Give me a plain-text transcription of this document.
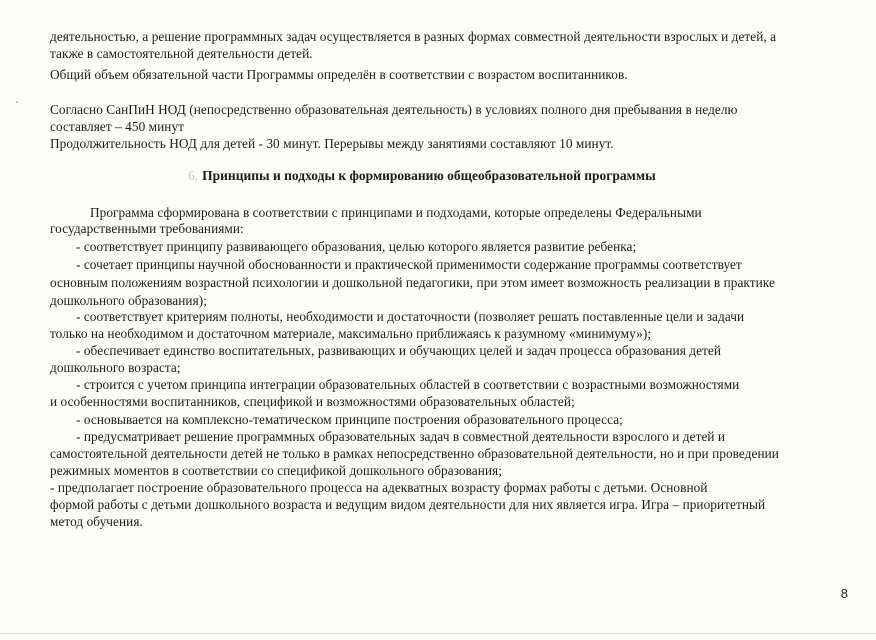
деятельностью, а решение программных задач осуществляется в разных формах совместной деятельности взрослых и детей, а
также в самостоятельной деятельности детей.
Общий объем обязательной части Программы определён в соответствии с возрастом воспитанников.
Согласно СанПиН НОД (непосредственно образовательная деятельность) в условиях полного дня пребывания в неделю
составляет – 450 минут
Продолжительность НОД для детей - 30 минут. Перерывы между занятиями составляют 10 минут.
6. Принципы и подходы к формированию общеобразовательной программы
Программа сформирована в соответствии с принципами и подходами, которые определены Федеральными
государственными требованиями:
- соответствует принципу развивающего образования, целью которого является развитие ребенка;
- сочетает принципы научной обоснованности и практической применимости содержание программы соответствует
основным положениям возрастной психологии и дошкольной педагогики, при этом имеет возможность реализации в практике
дошкольного образования);
- соответствует критериям полноты, необходимости и достаточности (позволяет решать поставленные цели и задачи
только на необходимом и достаточном материале, максимально приближаясь к разумному «минимуму»);
- обеспечивает единство воспитательных, развивающих и обучающих целей и задач процесса образования детей
дошкольного возраста;
- строится с учетом принципа интеграции образовательных областей в соответствии с возрастными возможностями
и особенностями воспитанников, спецификой и возможностями образовательных областей;
- основывается на комплексно-тематическом принципе построения образовательного процесса;
- предусматривает решение программных образовательных задач в совместной деятельности взрослого и детей и
самостоятельной деятельности детей не только в рамках непосредственно образовательной деятельности, но и при проведении
режимных моментов в соответствии со спецификой дошкольного образования;
- предполагает построение образовательного процесса на адекватных возрасту формах работы с детьми. Основной
формой работы с детьми дошкольного возраста и ведущим видом деятельности для них является игра. Игра – приоритетный
метод обучения.
8
